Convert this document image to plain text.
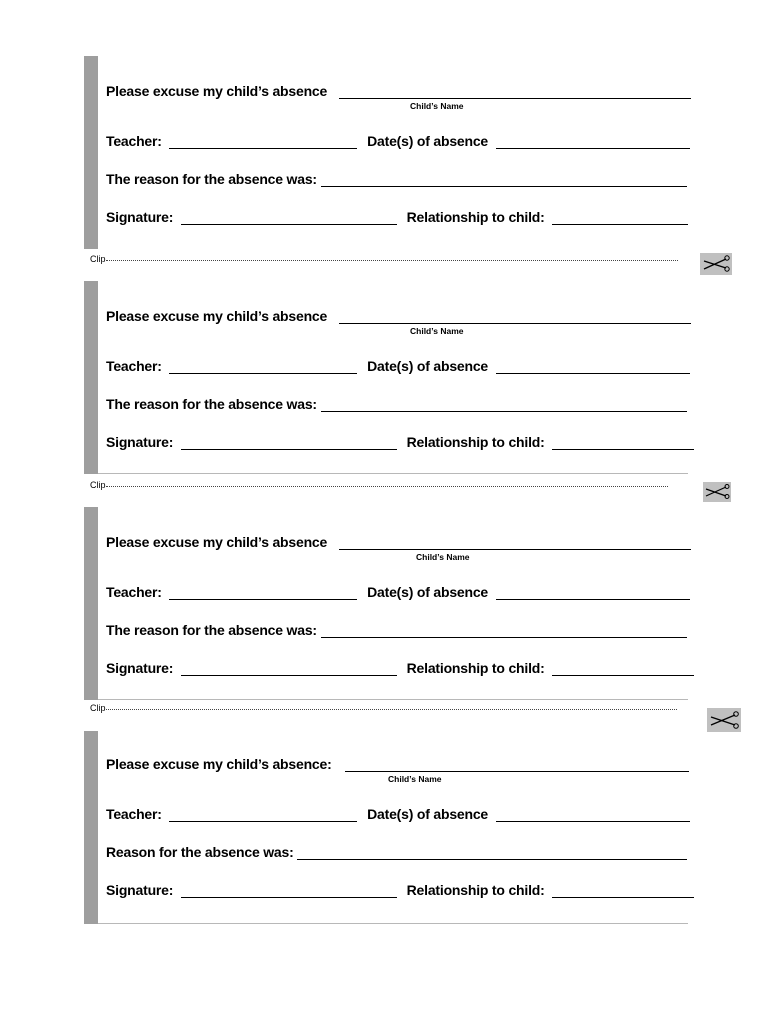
Please excuse my child’s absence
Child’s Name
Teacher:	Date(s) of absence
The reason for the absence was:
Signature:	Relationship to child:
Clip
Please excuse my child’s absence
Child’s Name
Teacher:	Date(s) of absence
The reason for the absence was:
Signature:	Relationship to child:
Clip
Please excuse my child’s absence
Child’s Name
Teacher:	Date(s) of absence
The reason for the absence was:
Signature:	Relationship to child:
Clip
Please excuse my child’s absence:
Child’s Name
Teacher:	Date(s) of absence
Reason for the absence was:
Signature:	Relationship to child:
